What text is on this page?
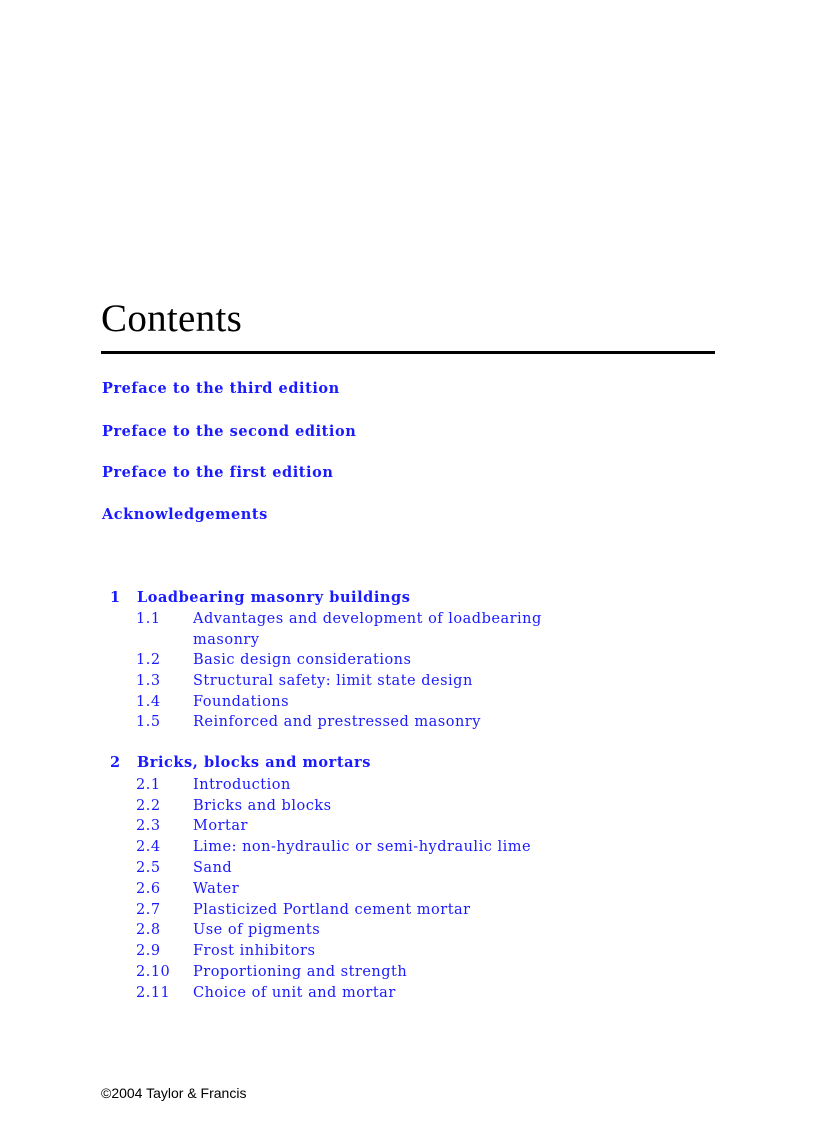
Contents
Preface to the third edition
Preface to the second edition
Preface to the first edition
Acknowledgements
1 Loadbearing masonry buildings
1.1 Advantages and development of loadbearing
masonry
1.2 Basic design considerations
1.3 Structural safety: limit state design
1.4 Foundations
1.5 Reinforced and prestressed masonry
2 Bricks, blocks and mortars
2.1 Introduction
2.2 Bricks and blocks
2.3 Mortar
2.4 Lime: non-hydraulic or semi-hydraulic lime
2.5 Sand
2.6 Water
2.7 Plasticized Portland cement mortar
2.8 Use of pigments
2.9 Frost inhibitors
2.10 Proportioning and strength
2.11 Choice of unit and mortar
©2004 Taylor & Francis
